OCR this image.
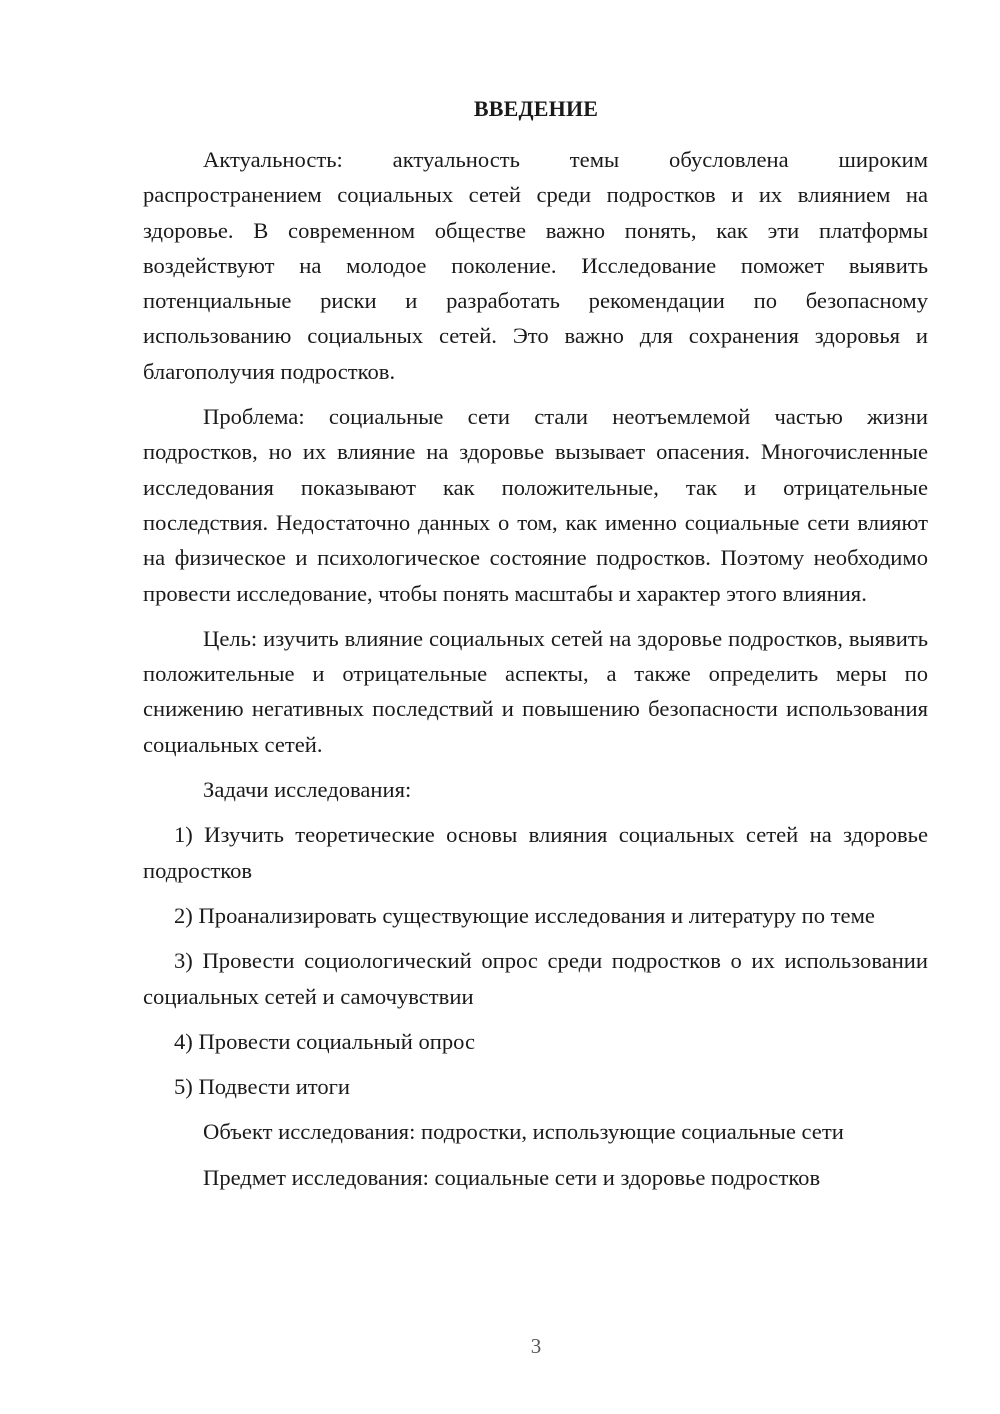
ВВЕДЕНИЕ

Актуальность: актуальность темы обусловлена широким распространением социальных сетей среди подростков и их влиянием на здоровье. В современном обществе важно понять, как эти платформы воздействуют на молодое поколение. Исследование поможет выявить потенциальные риски и разработать рекомендации по безопасному использованию социальных сетей. Это важно для сохранения здоровья и благополучия подростков.

Проблема: социальные сети стали неотъемлемой частью жизни подростков, но их влияние на здоровье вызывает опасения. Многочисленные исследования показывают как положительные, так и отрицательные последствия. Недостаточно данных о том, как именно социальные сети влияют на физическое и психологическое состояние подростков. Поэтому необходимо провести исследование, чтобы понять масштабы и характер этого влияния.

Цель: изучить влияние социальных сетей на здоровье подростков, выявить положительные и отрицательные аспекты, а также определить меры по снижению негативных последствий и повышению безопасности использования социальных сетей.

Задачи исследования:

1) Изучить теоретические основы влияния социальных сетей на здоровье подростков

2) Проанализировать существующие исследования и литературу по теме

3) Провести социологический опрос среди подростков о их использовании социальных сетей и самочувствии

4) Провести социальный опрос

5) Подвести итоги

Объект исследования: подростки, использующие социальные сети

Предмет исследования: социальные сети и здоровье подростков

3
